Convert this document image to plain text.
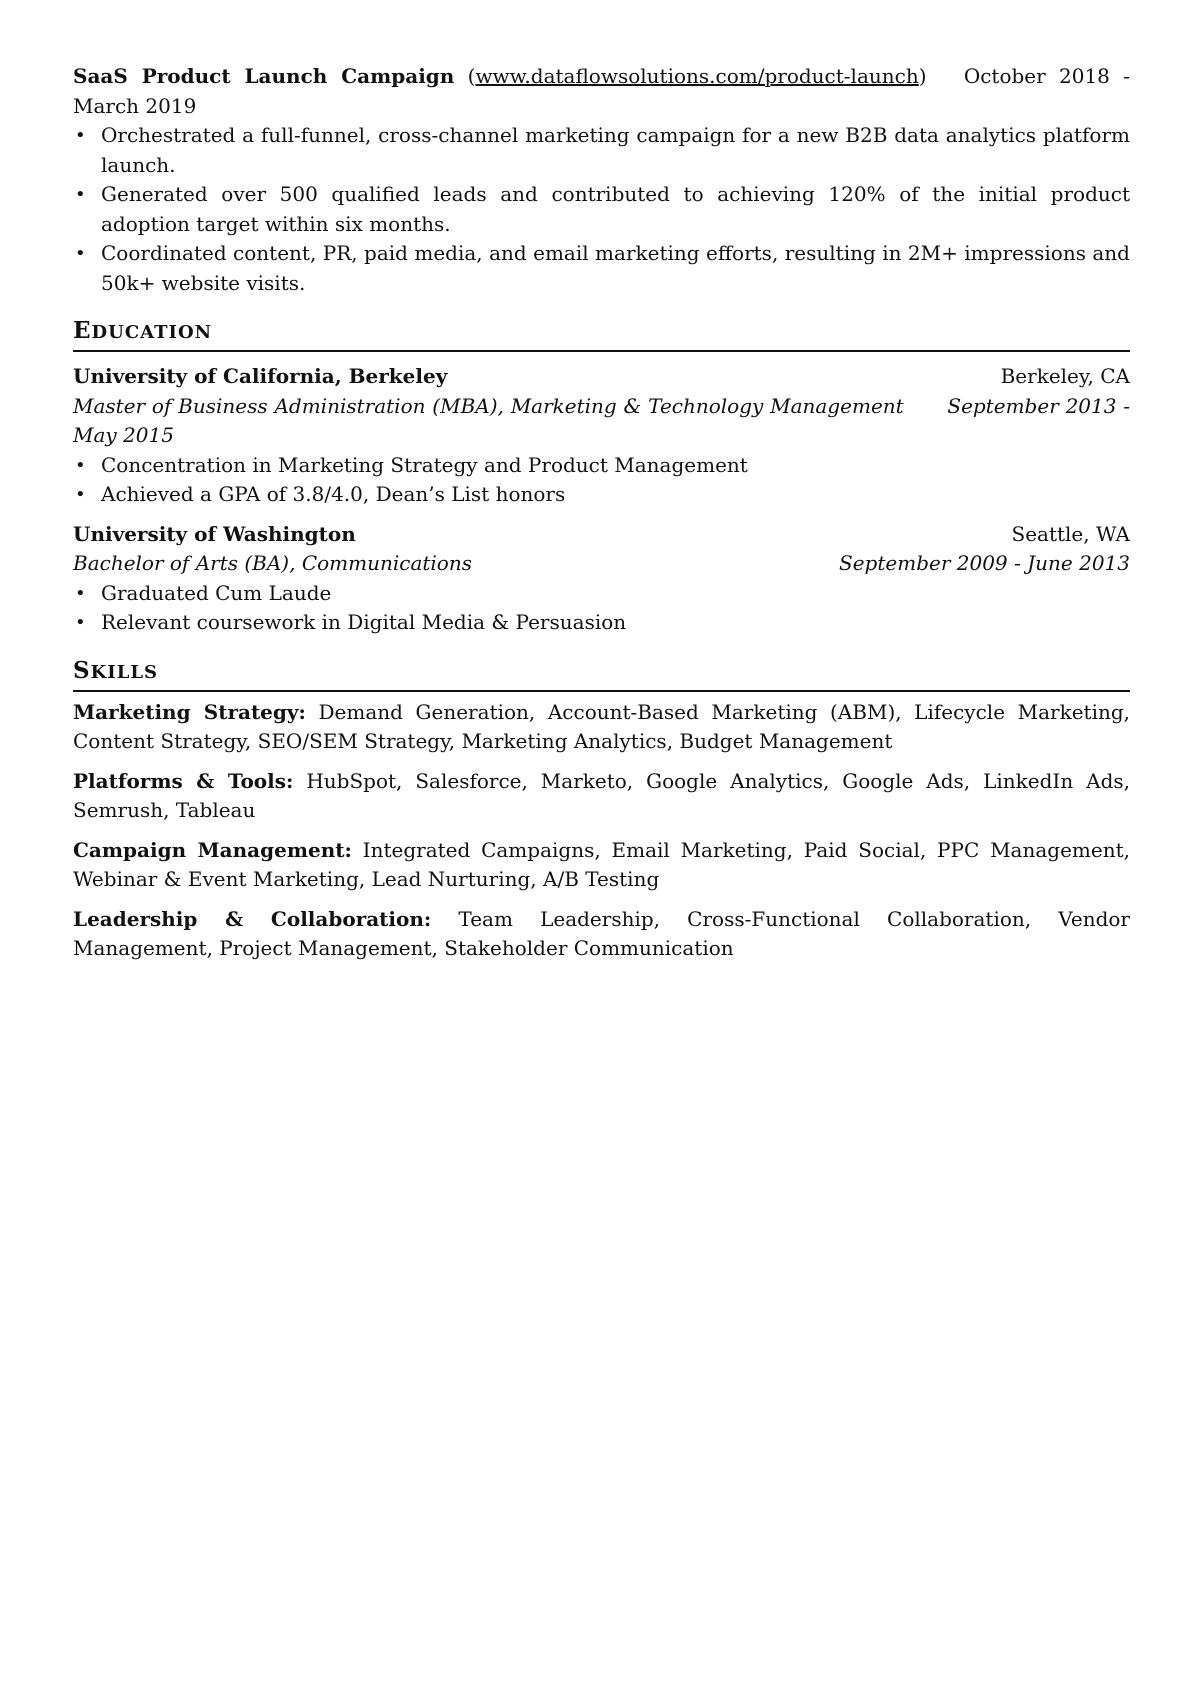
SaaS Product Launch Campaign (www.dataflowsolutions.com/product-launch) October 2018 - March 2019
• Orchestrated a full-funnel, cross-channel marketing campaign for a new B2B data analytics platform launch.
• Generated over 500 qualified leads and contributed to achieving 120% of the initial product adoption target within six months.
• Coordinated content, PR, paid media, and email marketing efforts, resulting in 2M+ impressions and 50k+ website visits.
EDUCATION
University of California, Berkeley	Berkeley, CA
Master of Business Administration (MBA), Marketing & Technology Management September 2013 - May 2015
• Concentration in Marketing Strategy and Product Management
• Achieved a GPA of 3.8/4.0, Dean’s List honors
University of Washington	Seattle, WA
Bachelor of Arts (BA), Communications	September 2009 - June 2013
• Graduated Cum Laude
• Relevant coursework in Digital Media & Persuasion
SKILLS
Marketing Strategy: Demand Generation, Account-Based Marketing (ABM), Lifecycle Marketing, Content Strategy, SEO/SEM Strategy, Marketing Analytics, Budget Management
Platforms & Tools: HubSpot, Salesforce, Marketo, Google Analytics, Google Ads, LinkedIn Ads, Semrush, Tableau
Campaign Management: Integrated Campaigns, Email Marketing, Paid Social, PPC Management, Webinar & Event Marketing, Lead Nurturing, A/B Testing
Leadership & Collaboration: Team Leadership, Cross-Functional Collaboration, Vendor Management, Project Management, Stakeholder Communication
